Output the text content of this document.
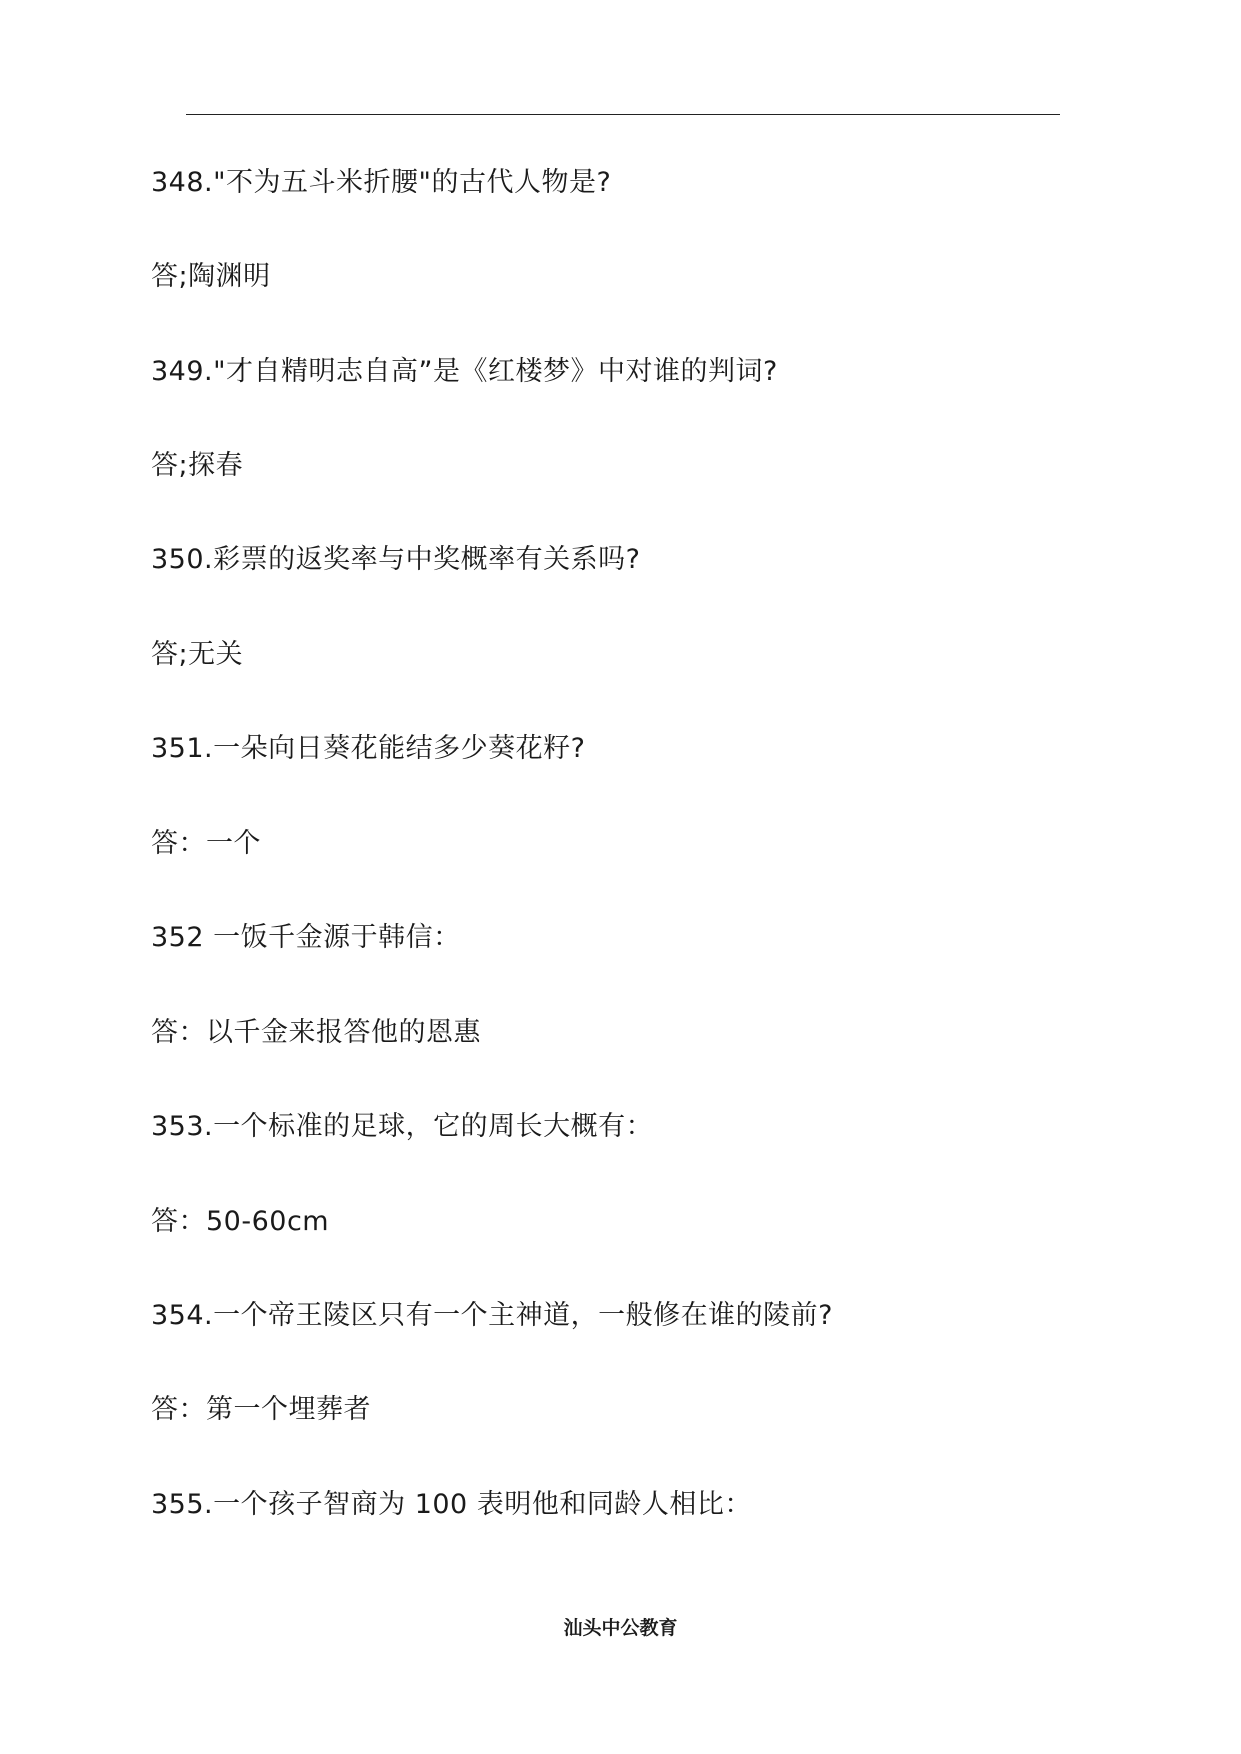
348."不为五斗米折腰"的古代人物是?
答;陶渊明
349."才自精明志自高”是《红楼梦》中对谁的判词?
答;探春
350.彩票的返奖率与中奖概率有关系吗?
答;无关
351.一朵向日葵花能结多少葵花籽?
答：一个
352 一饭千金源于韩信：
答：以千金来报答他的恩惠
353.一个标准的足球，它的周长大概有：
答：50-60cm
354.一个帝王陵区只有一个主神道，一般修在谁的陵前?
答：第一个埋葬者
355.一个孩子智商为 100 表明他和同龄人相比：
汕头中公教育
